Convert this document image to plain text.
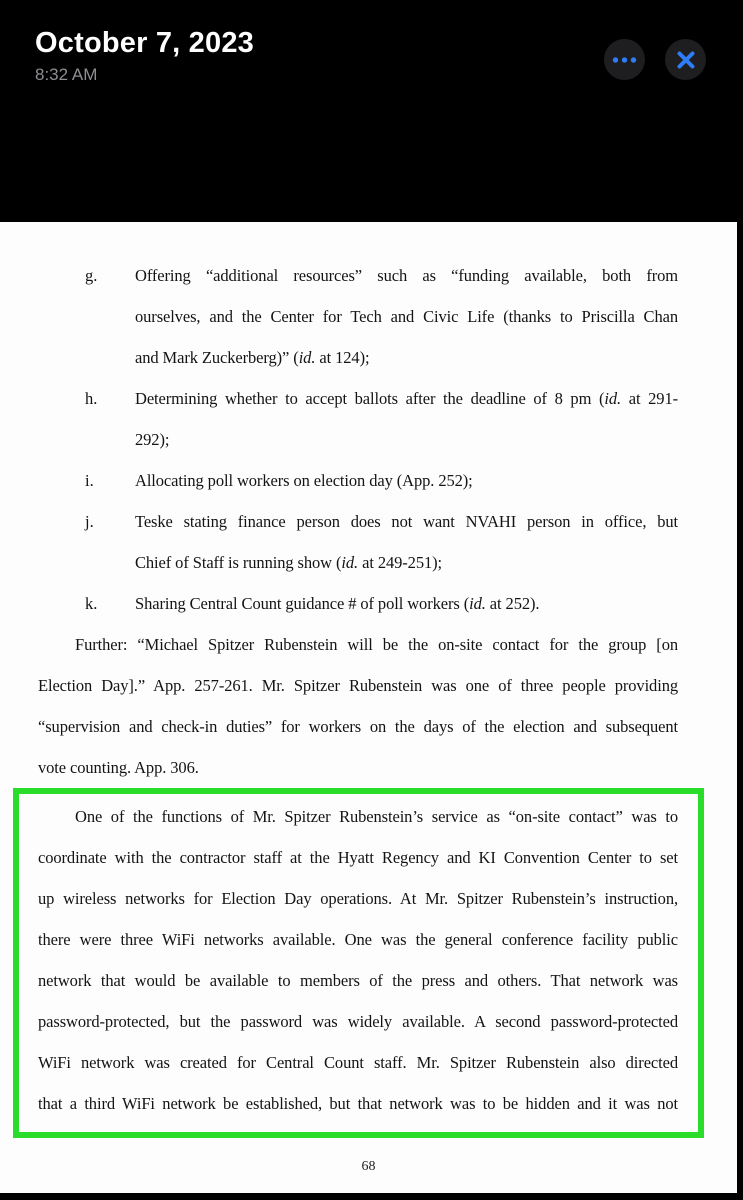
October 7, 2023
8:32 AM
g. Offering “additional resources” such as “funding available, both from
ourselves, and the Center for Tech and Civic Life (thanks to Priscilla Chan
and Mark Zuckerberg)” (id. at 124);
h. Determining whether to accept ballots after the deadline of 8 pm (id. at 291-
292);
i.	Allocating poll workers on election day (App. 252);
j.	Teske stating finance person does not want NVAHI person in office, but
Chief of Staff is running show (id. at 249-251);
k. Sharing Central Count guidance # of poll workers (id. at 252).
Further: “Michael Spitzer Rubenstein will be the on-site contact for the group [on
Election Day].” App. 257-261. Mr. Spitzer Rubenstein was one of three people providing
“supervision and check-in duties” for workers on the days of the election and subsequent
vote counting. App. 306.
One of the functions of Mr. Spitzer Rubenstein’s service as “on-site contact” was to
coordinate with the contractor staff at the Hyatt Regency and KI Convention Center to set
up wireless networks for Election Day operations. At Mr. Spitzer Rubenstein’s instruction,
there were three WiFi networks available. One was the general conference facility public
network that would be available to members of the press and others. That network was
password-protected, but the password was widely available. A second password-protected
WiFi network was created for Central Count staff. Mr. Spitzer Rubenstein also directed
that a third WiFi network be established, but that network was to be hidden and it was not
68
